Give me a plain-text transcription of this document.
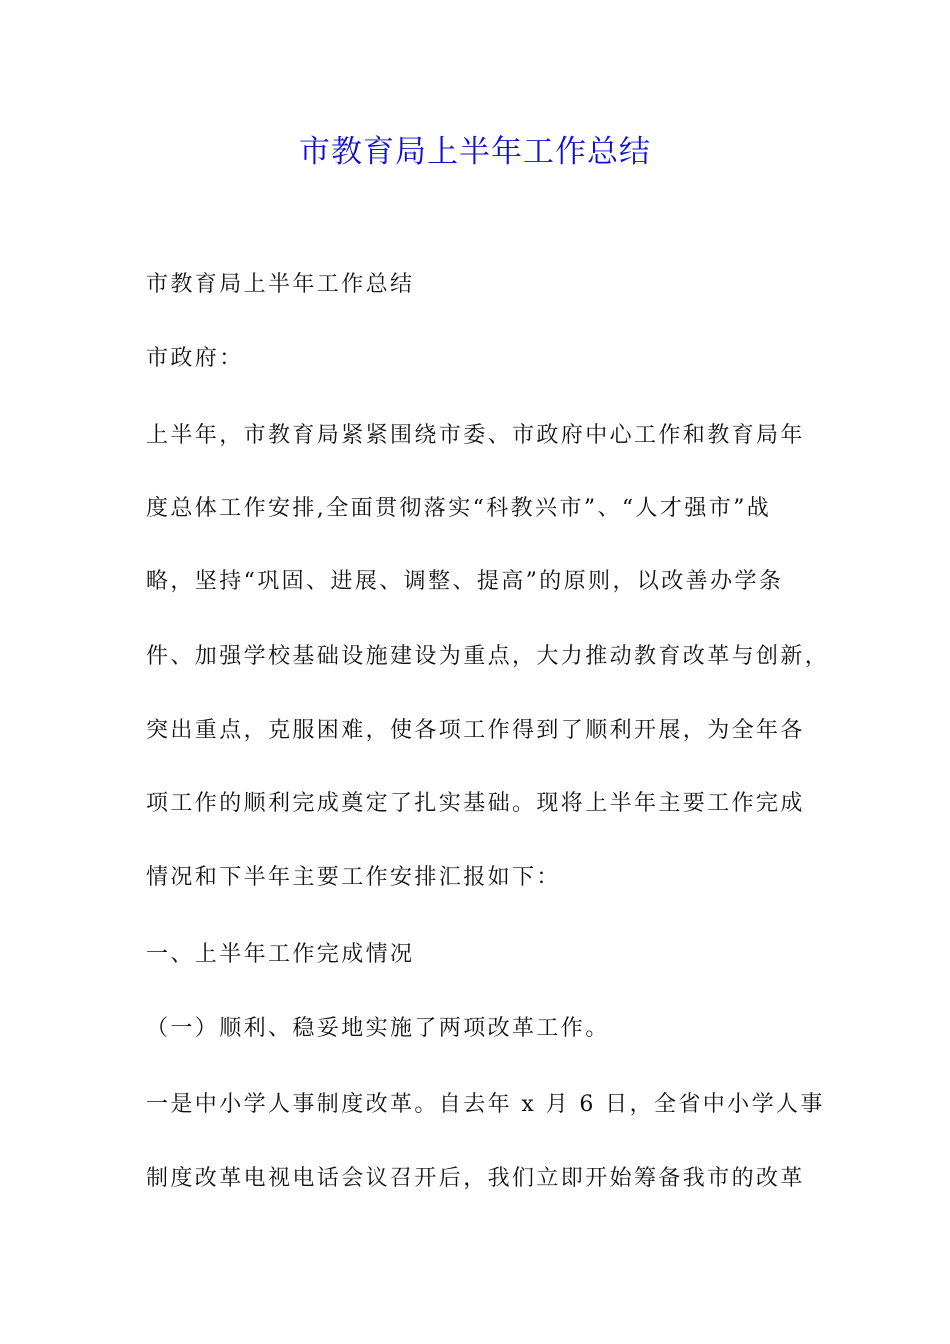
市教育局上半年工作总结
市教育局上半年工作总结
市政府：
上半年，市教育局紧紧围绕市委、市政府中心工作和教育局年
度总体工作安排,全面贯彻落实“科教兴市”、“人才强市”战
略，坚持“巩固、进展、调整、提高”的原则，以改善办学条
件、加强学校基础设施建设为重点，大力推动教育改革与创新，
突出重点，克服困难，使各项工作得到了顺利开展，为全年各
项工作的顺利完成奠定了扎实基础。现将上半年主要工作完成
情况和下半年主要工作安排汇报如下：
一、上半年工作完成情况
（一）顺利、稳妥地实施了两项改革工作。
一是中小学人事制度改革。自去年 x 月 6 日，全省中小学人事
制度改革电视电话会议召开后，我们立即开始筹备我市的改革
